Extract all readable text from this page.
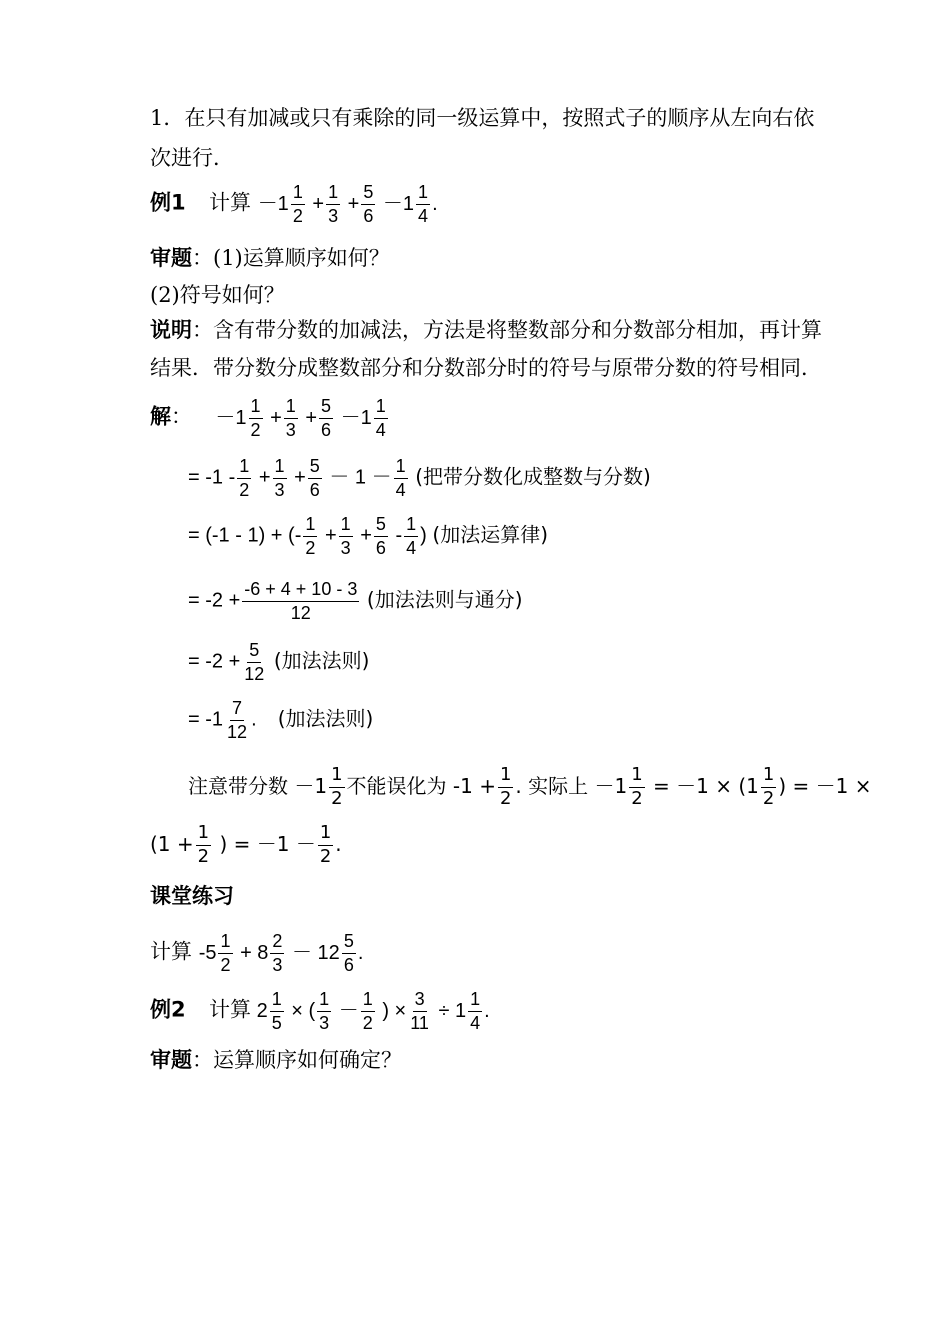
1．在只有加减或只有乘除的同一级运算中，按照式子的顺序从左向右依
次进行．
例1 计算 $-1 \frac{1}{2} + \frac{1}{3} + \frac{5}{6} -1 \frac{1}{4}$ .
审题：(1)运算顺序如何？
(2)符号如何？
说明：含有带分数的加减法，方法是将整数部分和分数部分相加，再计算
结果．带分数分成整数部分和分数部分时的符号与原带分数的符号相同．
解： $-1 \frac{1}{2} + \frac{1}{3} + \frac{5}{6} -1 \frac{1}{4}$
= $-1 - \frac{1}{2} + \frac{1}{3} + \frac{5}{6} - 1 - \frac{1}{4}$ (把带分数化成整数与分数)
= (-1 - 1) + (- $\frac{1}{2} + \frac{1}{3} + \frac{5}{6} - \frac{1}{4}$ ) (加法运算律)
= $-2 + \frac{-6 + 4 + 10 - 3}{12}$ (加法法则与通分)
= $-2 + \frac{5}{12}$ (加法法则)
= $-1 \frac{7}{12}$ . (加法法则)
注意带分数 $-1 \frac{1}{2}$ 不能误化为 $-1 + \frac{1}{2}$ . 实际上 $-1 \frac{1}{2} = -1 \times (1 \frac{1}{2}$ ) = －1 ×
($1 + \frac{1}{2}$ ) = $-1 - \frac{1}{2}$ .
课堂练习
计算 $-5 \frac{1}{2} + 8 \frac{2}{3} - 12 \frac{5}{6}$ .
例2 计算 $2 \frac{1}{5}$ × ( $\frac{1}{3} - \frac{1}{2}$ ) × $\frac{3}{11} \div 1 \frac{1}{4}$ .
审题：运算顺序如何确定？
